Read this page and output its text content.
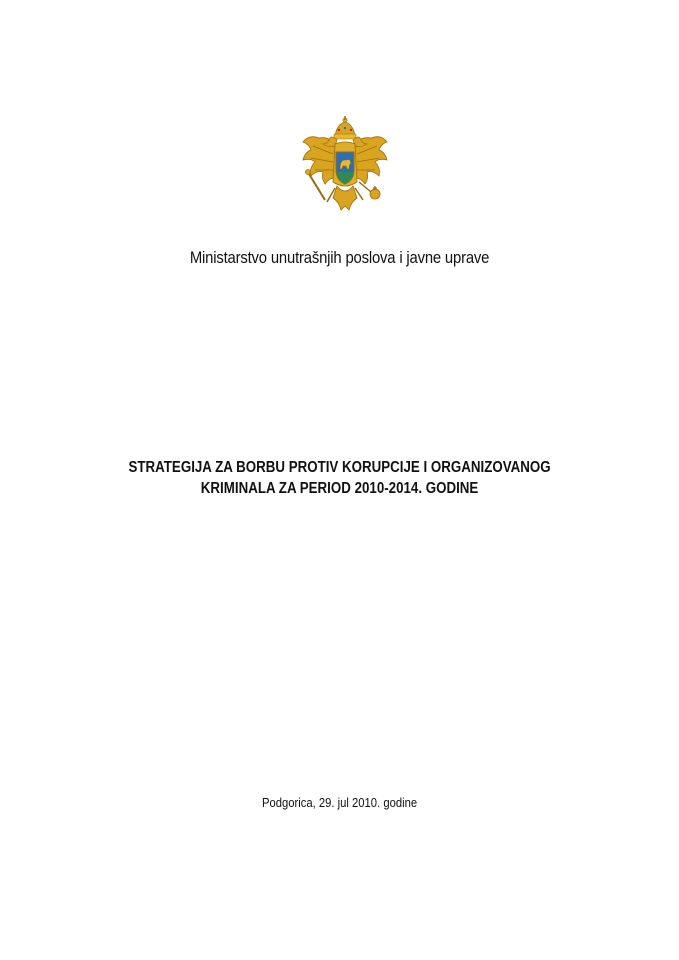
Ministarstvo unutrašnjih poslova i javne uprave
STRATEGIJA ZA BORBU PROTIV KORUPCIJE I ORGANIZOVANOG
KRIMINALA ZA PERIOD 2010-2014. GODINE
Podgorica, 29. jul 2010. godine
